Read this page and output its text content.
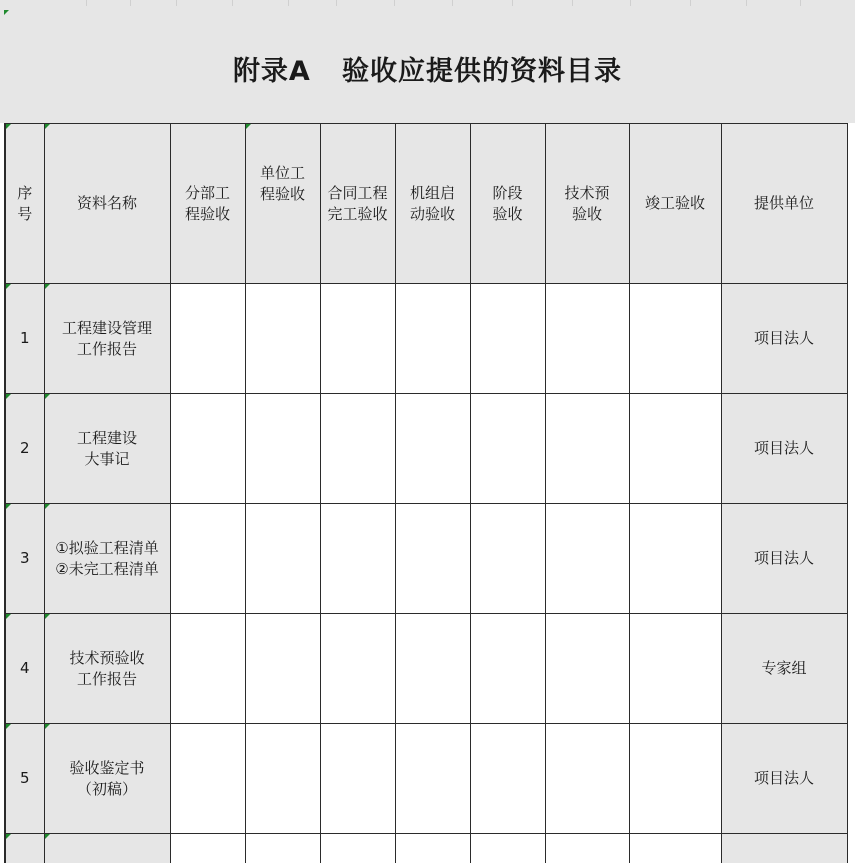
附录A   验收应提供的资料目录
序
号	资料名称	分部工
程验收	单位工
程验收	合同工程
完工验收	机组启
动验收	阶段
验收	技术预
验收	竣工验收	提供单位

1	工程建设管理
工作报告								项目法人

2	工程建设
大事记								项目法人

3	①拟验工程清单
②未完工程清单								项目法人

4	技术预验收
工作报告								专家组

5	验收鉴定书
（初稿）								项目法人
